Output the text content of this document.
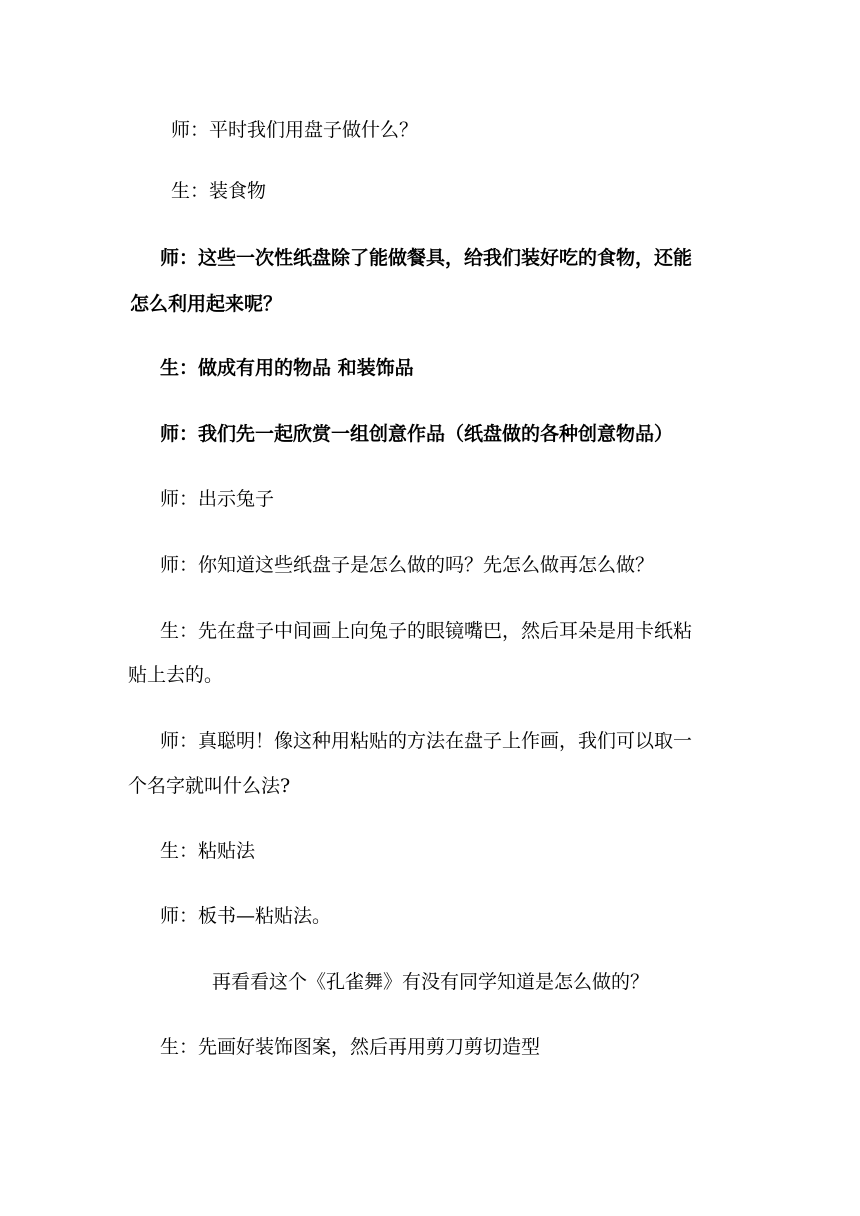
师：平时我们用盘子做什么？
生：装食物
师：这些一次性纸盘除了能做餐具，给我们装好吃的食物，还能
怎么利用起来呢？
生：做成有用的物品 和装饰品
师：我们先一起欣赏一组创意作品（纸盘做的各种创意物品）
师：出示兔子
师：你知道这些纸盘子是怎么做的吗？先怎么做再怎么做？
生：先在盘子中间画上向兔子的眼镜嘴巴，然后耳朵是用卡纸粘
贴上去的。
师：真聪明！像这种用粘贴的方法在盘子上作画，我们可以取一
个名字就叫什么法?
生：粘贴法
师：板书—粘贴法。
再看看这个《孔雀舞》有没有同学知道是怎么做的？
生：先画好装饰图案，然后再用剪刀剪切造型
